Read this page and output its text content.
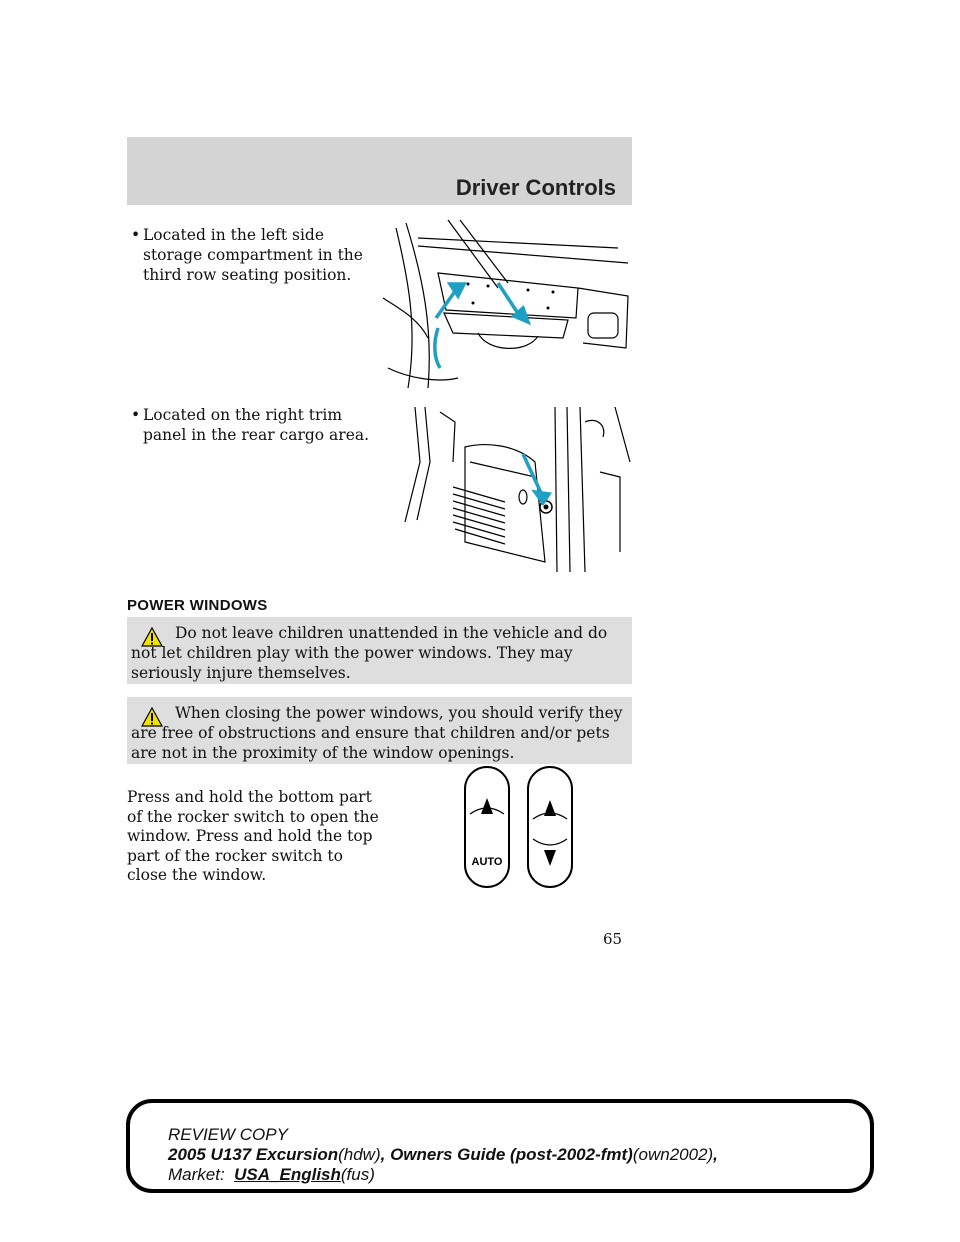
Driver Controls
• Located in the left side storage compartment in the third row seating position.
• Located on the right trim panel in the rear cargo area.
POWER WINDOWS
Do not leave children unattended in the vehicle and do not let children play with the power windows. They may seriously injure themselves.
When closing the power windows, you should verify they are free of obstructions and ensure that children and/or pets are not in the proximity of the window openings.
Press and hold the bottom part of the rocker switch to open the window. Press and hold the top part of the rocker switch to close the window.
AUTO
65
REVIEW COPY
2005 U137 Excursion(hdw), Owners Guide (post-2002-fmt)(own2002),
Market: USA_English(fus)
